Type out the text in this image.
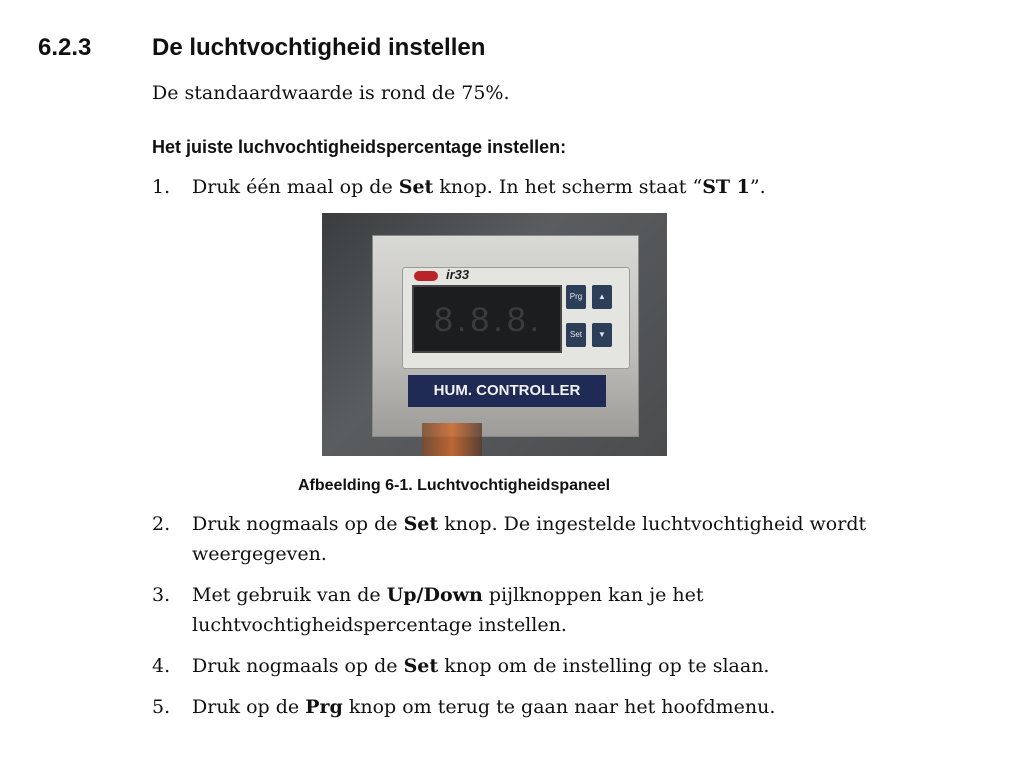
6.2.3	De luchtvochtigheid instellen
De standaardwaarde is rond de 75%.
Het juiste luchvochtigheidspercentage instellen:
1. Druk één maal op de Set knop. In het scherm staat “ST 1”.
ir33
8.8.8.
Prg	▲
Set	▼
HUM. CONTROLLER
Afbeelding 6-1. Luchtvochtigheidspaneel
2. Druk nogmaals op de Set knop. De ingestelde luchtvochtigheid wordt weergegeven.
3. Met gebruik van de Up/Down pijlknoppen kan je het luchtvochtigheidspercentage instellen.
4. Druk nogmaals op de Set knop om de instelling op te slaan.
5. Druk op de Prg knop om terug te gaan naar het hoofdmenu.
